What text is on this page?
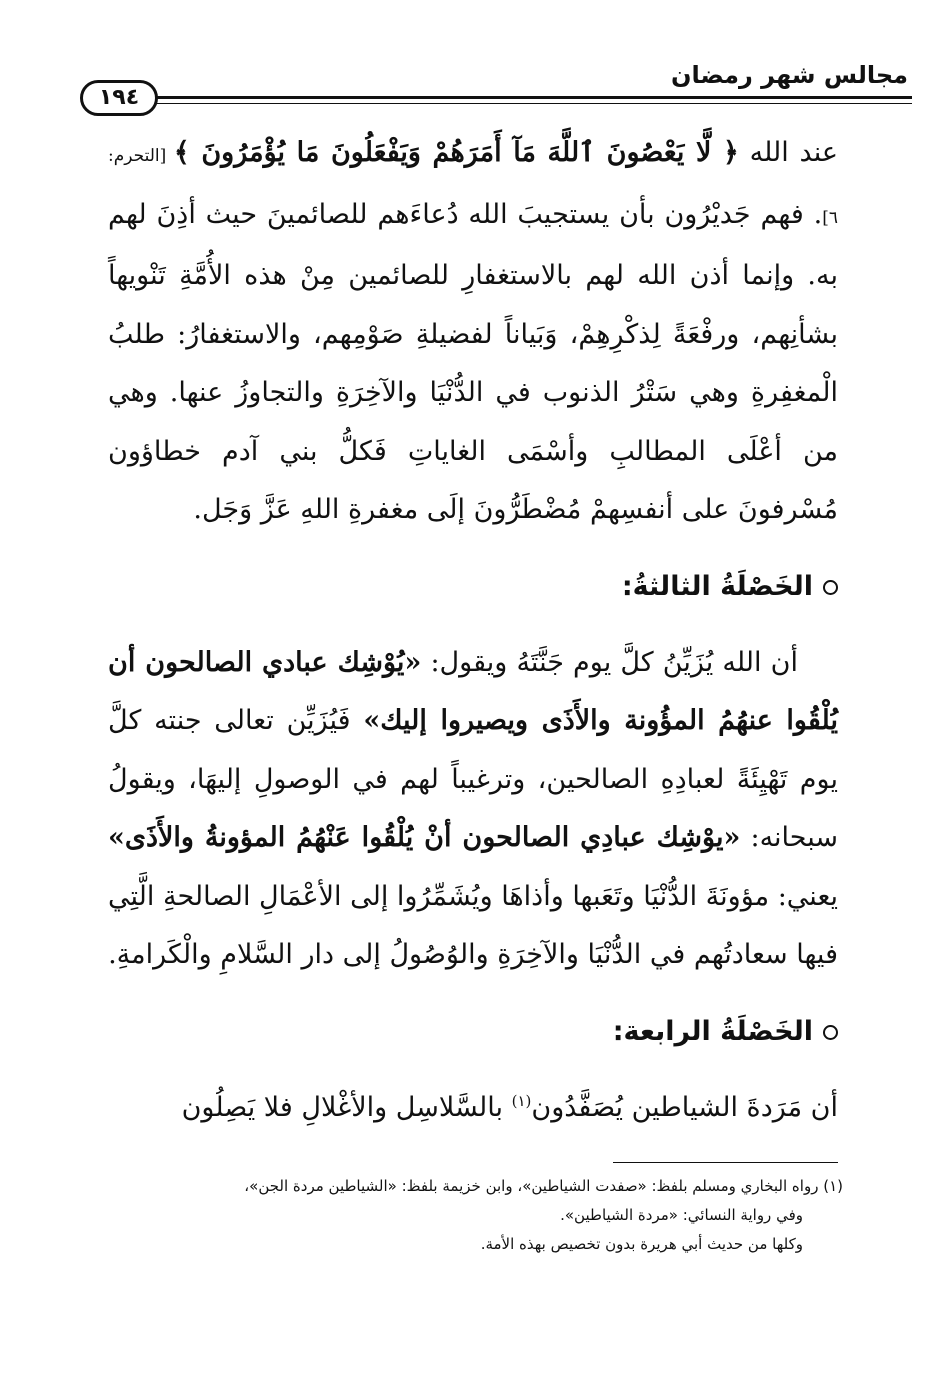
مجالس شهر رمضان
١٩٤

عند الله ﴿ لَّا يَعْصُونَ ٱللَّهَ مَآ أَمَرَهُمْ وَيَفْعَلُونَ مَا يُؤْمَرُونَ ﴾ [التحرم: ٦]. فهم جَديْرُون بأن يستجيبَ الله دُعاءَهم للصائمينَ حيث أذِنَ لهم به. وإنما أذن الله لهم بالاستغفارِ للصائمين مِنْ هذه الأُمَّةِ تَنْويهاً بشأنِهم، ورفْعَةً لِذكْرِهِمْ، وَبَياناً لفضيلةِ صَوْمِهم، والاستغفارُ: طلبُ الْمغفِرةِ وهي سَتْرُ الذنوب في الدُّنْيَا والآخِرَةِ والتجاوزُ عنها. وهي من أعْلَى المطالبِ وأسْمَى الغاياتِ فَكلُّ بني آدم خطاؤون مُسْرفونَ على أنفسِهمْ مُضْطَرُّونَ إلَى مغفرةِ اللهِ عَزَّ وَجَل.

الخَصْلَةُ الثالثةُ:

أن الله يُزَيِّنُ كلَّ يوم جَنَّتَهُ ويقول: «يُوْشِك عبادي الصالحون أن يُلْقُوا عنهُمُ المؤُونة والأَذَى ويصيروا إليك» فَيُزَيِّن تعالى جنته كلَّ يوم تَهْيِئَةً لعبادِهِ الصالحين، وترغيباً لهم في الوصولِ إليهَا، ويقولُ سبحانه: «يوْشِك عبادِي الصالحون أنْ يُلْقُوا عَنْهُمُ المؤونةُ والأَذَى» يعني: مؤونَةَ الدُّنْيَا وتَعَبها وأذاهَا ويُشَمِّرُوا إلى الأعْمَالِ الصالحةِ الَّتِي فيها سعادتُهم في الدُّنْيَا والآخِرَةِ والوُصُولُ إلى دار السَّلامِ والْكَرامةِ.

الخَصْلَةُ الرابعة:

أن مَرَدةَ الشياطين يُصَفَّدُون$^{(١)}$ بالسَّلاسِل والأغْلالِ فلا يَصِلُون

(١) رواه البخاري ومسلم بلفظ: «صفدت الشياطين»، وابن خزيمة بلفظ: «الشياطين مردة الجن»،

وفي رواية النسائي: «مردة الشياطين».

وكلها من حديث أبي هريرة بدون تخصيص بهذه الأمة.
